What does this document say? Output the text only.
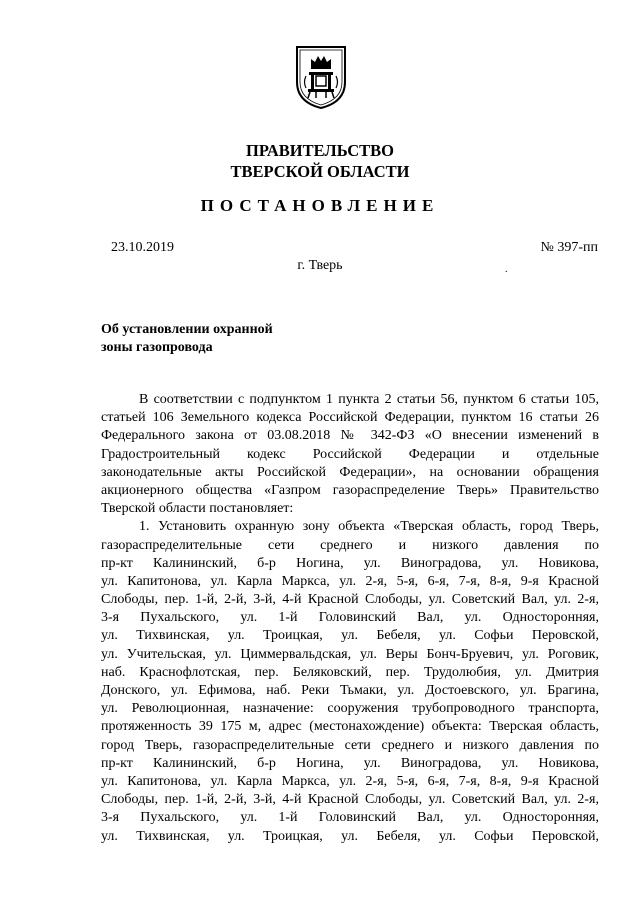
ПРАВИТЕЛЬСТВО
ТВЕРСКОЙ ОБЛАСТИ
ПОСТАНОВЛЕНИЕ
23.10.2019	№ 397-пп
г. Тверь	.
Об установлении охранной
зоны газопровода
В соответствии с подпунктом 1 пункта 2 статьи 56, пунктом 6 статьи 105,
статьей 106 Земельного кодекса Российской Федерации, пунктом 16 статьи 26
Федерального закона от 03.08.2018 № 342-ФЗ «О внесении изменений в
Градостроительный кодекс Российской Федерации и отдельные
законодательные акты Российской Федерации», на основании обращения
акционерного общества «Газпром газораспределение Тверь» Правительство
Тверской области постановляет:
1. Установить охранную зону объекта «Тверская область, город Тверь,
газораспределительные сети среднего и низкого давления по
пр-кт Калининский, б-р Ногина, ул. Виноградова, ул. Новикова,
ул. Капитонова, ул. Карла Маркса, ул. 2-я, 5-я, 6-я, 7-я, 8-я, 9-я Красной
Слободы, пер. 1-й, 2-й, 3-й, 4-й Красной Слободы, ул. Советский Вал, ул. 2-я,
3-я Пухальского, ул. 1-й Головинский Вал, ул. Односторонняя,
ул. Тихвинская, ул. Троицкая, ул. Бебеля, ул. Софьи Перовской,
ул. Учительская, ул. Циммервальдская, ул. Веры Бонч-Бруевич, ул. Роговик,
наб. Краснофлотская, пер. Беляковский, пер. Трудолюбия, ул. Дмитрия
Донского, ул. Ефимова, наб. Реки Тьмаки, ул. Достоевского, ул. Брагина,
ул. Революционная, назначение: сооружения трубопроводного транспорта,
протяженность 39 175 м, адрес (местонахождение) объекта: Тверская область,
город Тверь, газораспределительные сети среднего и низкого давления по
пр-кт Калининский, б-р Ногина, ул. Виноградова, ул. Новикова,
ул. Капитонова, ул. Карла Маркса, ул. 2-я, 5-я, 6-я, 7-я, 8-я, 9-я Красной
Слободы, пер. 1-й, 2-й, 3-й, 4-й Красной Слободы, ул. Советский Вал, ул. 2-я,
3-я Пухальского, ул. 1-й Головинский Вал, ул. Односторонняя,
ул. Тихвинская, ул. Троицкая, ул. Бебеля, ул. Софьи Перовской,
